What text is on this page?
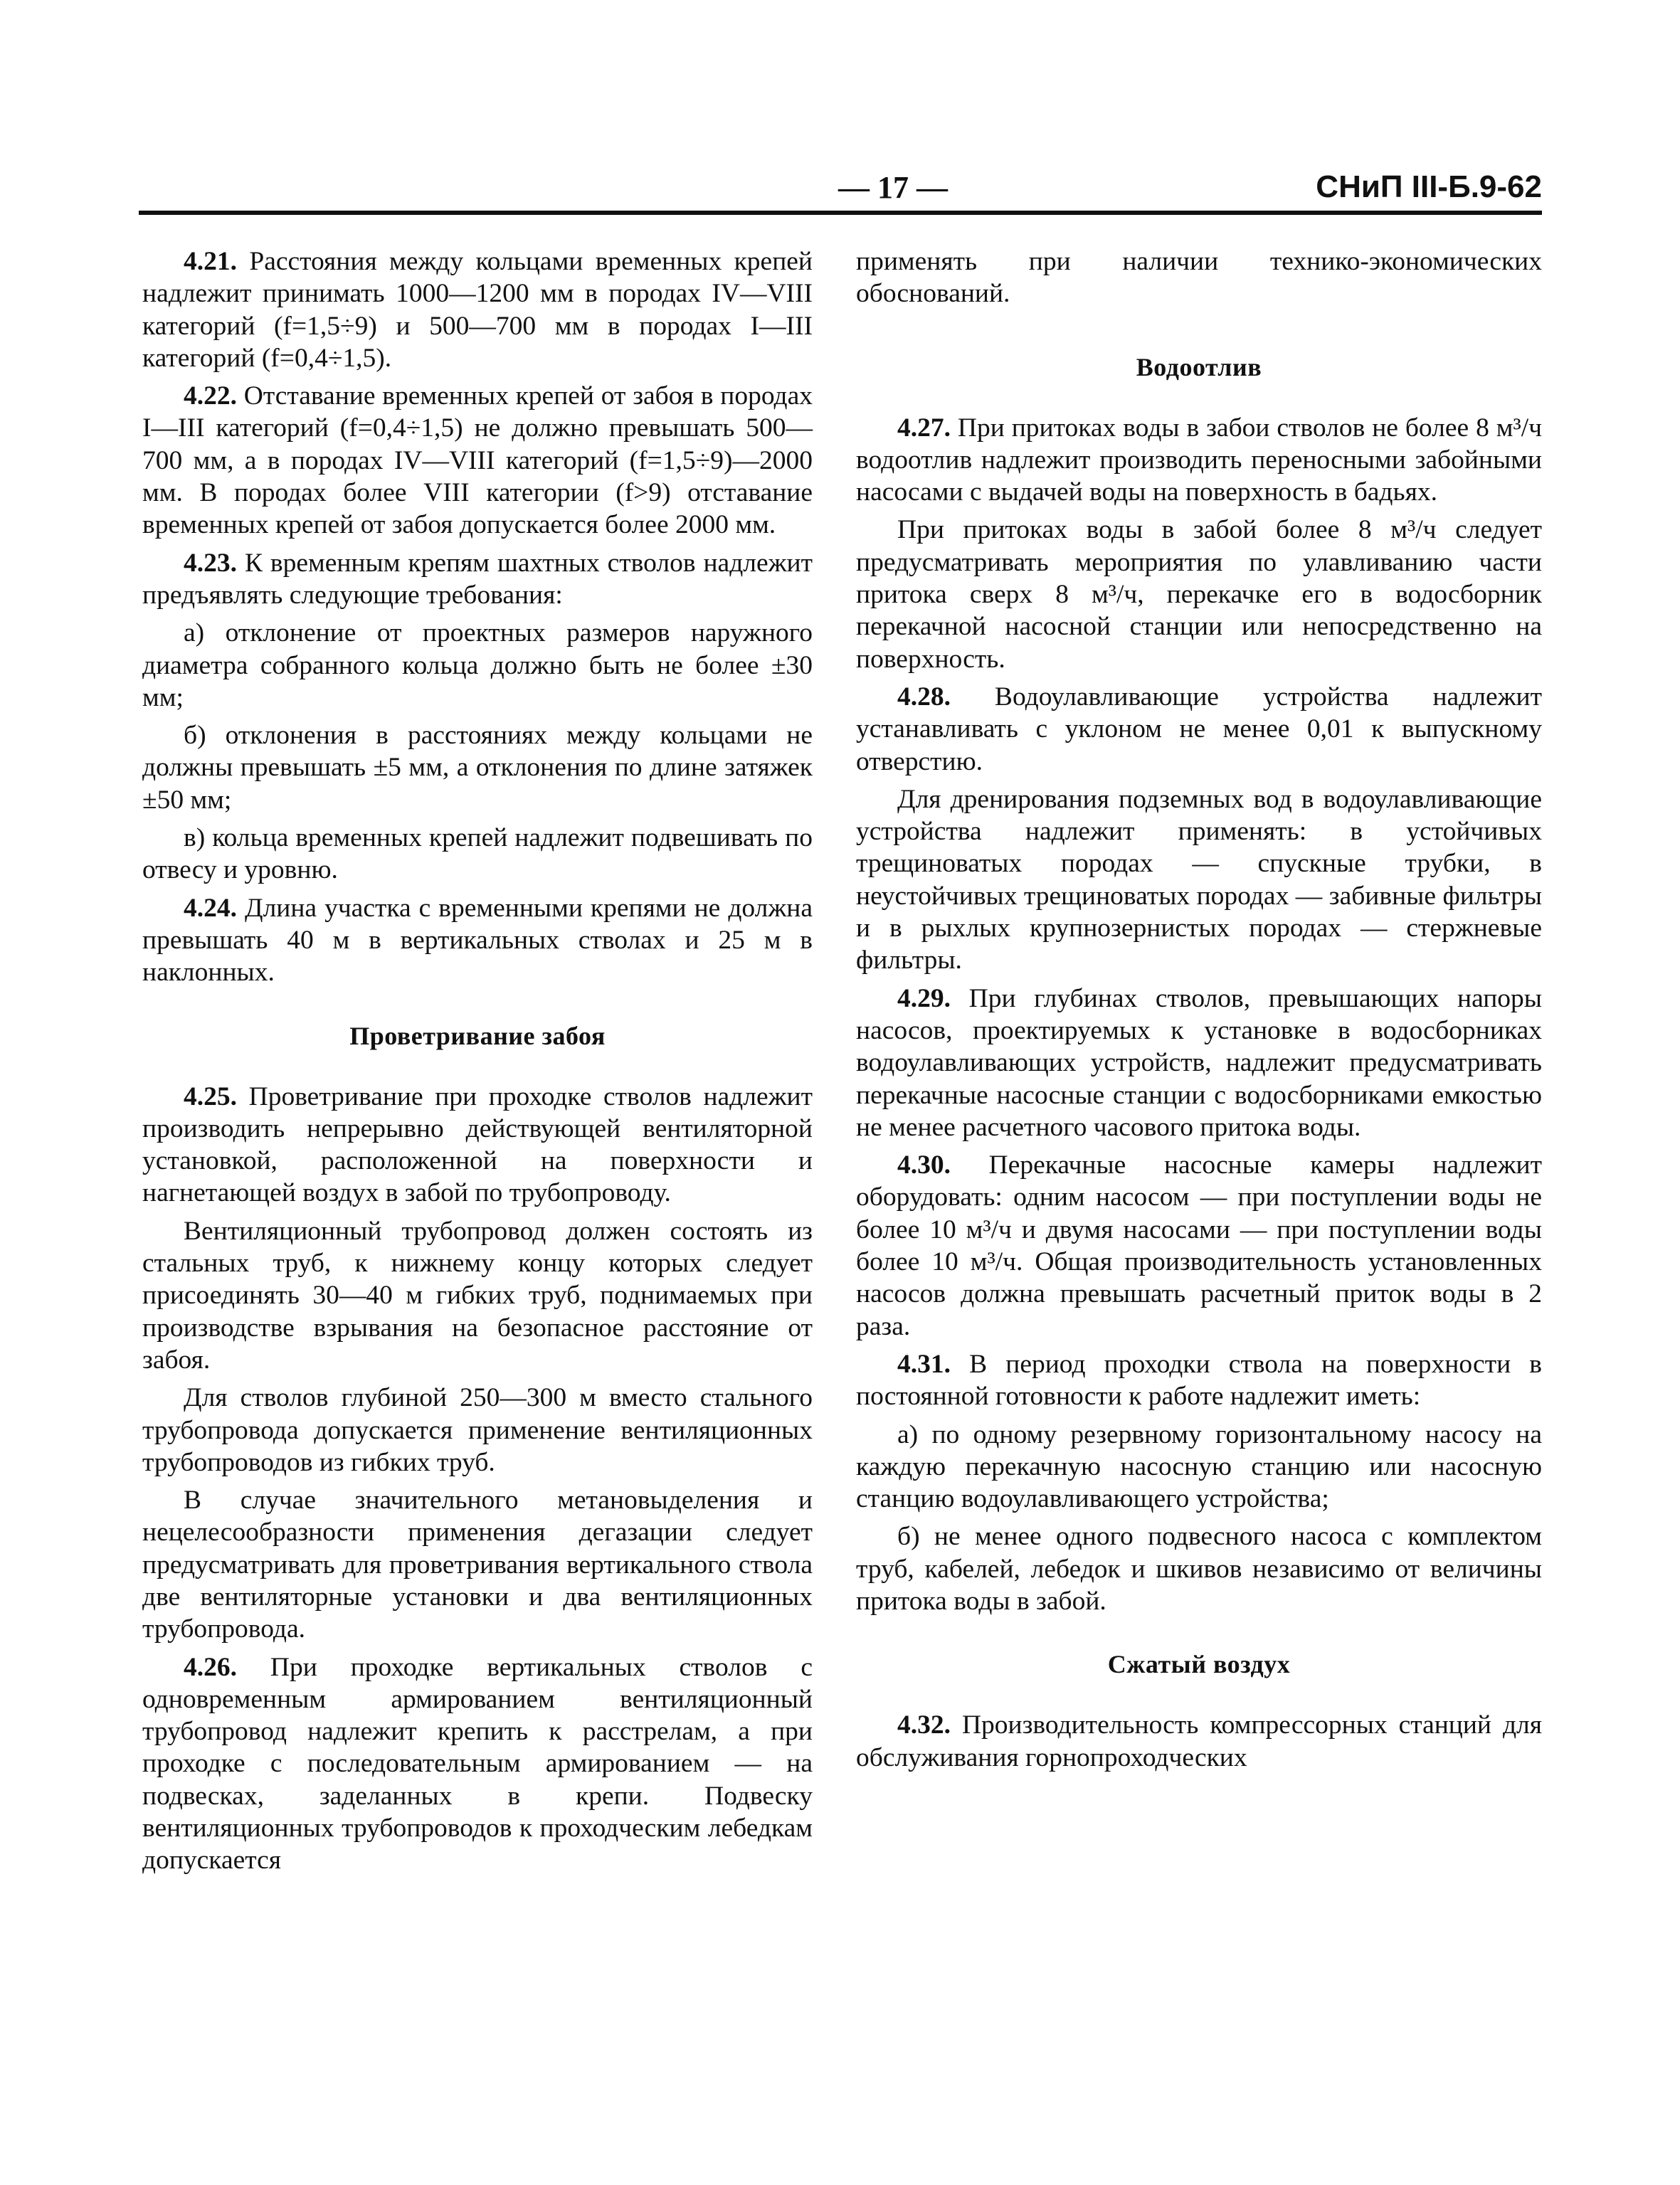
— 17 —	СНиП III-Б.9-62

4.21. Расстояния между кольцами временных крепей надлежит принимать 1000—1200 мм в породах IV—VIII категорий (f=1,5÷9) и 500—700 мм в породах I—III категорий (f=0,4÷1,5).

4.22. Отставание временных крепей от забоя в породах I—III категорий (f=0,4÷1,5) не должно превышать 500—700 мм, а в породах IV—VIII категорий (f=1,5÷9)—2000 мм. В породах более VIII категории (f>9) отставание временных крепей от забоя допускается более 2000 мм.

4.23. К временным крепям шахтных стволов надлежит предъявлять следующие требования:

а) отклонение от проектных размеров наружного диаметра собранного кольца должно быть не более ±30 мм;

б) отклонения в расстояниях между кольцами не должны превышать ±5 мм, а отклонения по длине затяжек ±50 мм;

в) кольца временных крепей надлежит подвешивать по отвесу и уровню.

4.24. Длина участка с временными крепями не должна превышать 40 м в вертикальных стволах и 25 м в наклонных.

Проветривание забоя

4.25. Проветривание при проходке стволов надлежит производить непрерывно действующей вентиляторной установкой, расположенной на поверхности и нагнетающей воздух в забой по трубопроводу.

Вентиляционный трубопровод должен состоять из стальных труб, к нижнему концу которых следует присоединять 30—40 м гибких труб, поднимаемых при производстве взрывания на безопасное расстояние от забоя.

Для стволов глубиной 250—300 м вместо стального трубопровода допускается применение вентиляционных трубопроводов из гибких труб.

В случае значительного метановыделения и нецелесообразности применения дегазации следует предусматривать для проветривания вертикального ствола две вентиляторные установки и два вентиляционных трубопровода.

4.26. При проходке вертикальных стволов с одновременным армированием вентиляционный трубопровод надлежит крепить к расстрелам, а при проходке с последовательным армированием — на подвесках, заделанных в крепи. Подвеску вентиляционных трубопроводов к проходческим лебедкам допускается

применять при наличии технико-экономических обоснований.

Водоотлив

4.27. При притоках воды в забои стволов не более 8 м³/ч водоотлив надлежит производить переносными забойными насосами с выдачей воды на поверхность в бадьях.

При притоках воды в забой более 8 м³/ч следует предусматривать мероприятия по улавливанию части притока сверх 8 м³/ч, перекачке его в водосборник перекачной насосной станции или непосредственно на поверхность.

4.28. Водоулавливающие устройства надлежит устанавливать с уклоном не менее 0,01 к выпускному отверстию.

Для дренирования подземных вод в водоулавливающие устройства надлежит применять: в устойчивых трещиноватых породах — спускные трубки, в неустойчивых трещиноватых породах — забивные фильтры и в рыхлых крупнозернистых породах — стержневые фильтры.

4.29. При глубинах стволов, превышающих напоры насосов, проектируемых к установке в водосборниках водоулавливающих устройств, надлежит предусматривать перекачные насосные станции с водосборниками емкостью не менее расчетного часового притока воды.

4.30. Перекачные насосные камеры надлежит оборудовать: одним насосом — при поступлении воды не более 10 м³/ч и двумя насосами — при поступлении воды более 10 м³/ч. Общая производительность установленных насосов должна превышать расчетный приток воды в 2 раза.

4.31. В период проходки ствола на поверхности в постоянной готовности к работе надлежит иметь:

а) по одному резервному горизонтальному насосу на каждую перекачную насосную станцию или насосную станцию водоулавливающего устройства;

б) не менее одного подвесного насоса с комплектом труб, кабелей, лебедок и шкивов независимо от величины притока воды в забой.

Сжатый воздух

4.32. Производительность компрессорных станций для обслуживания горнопроходческих
